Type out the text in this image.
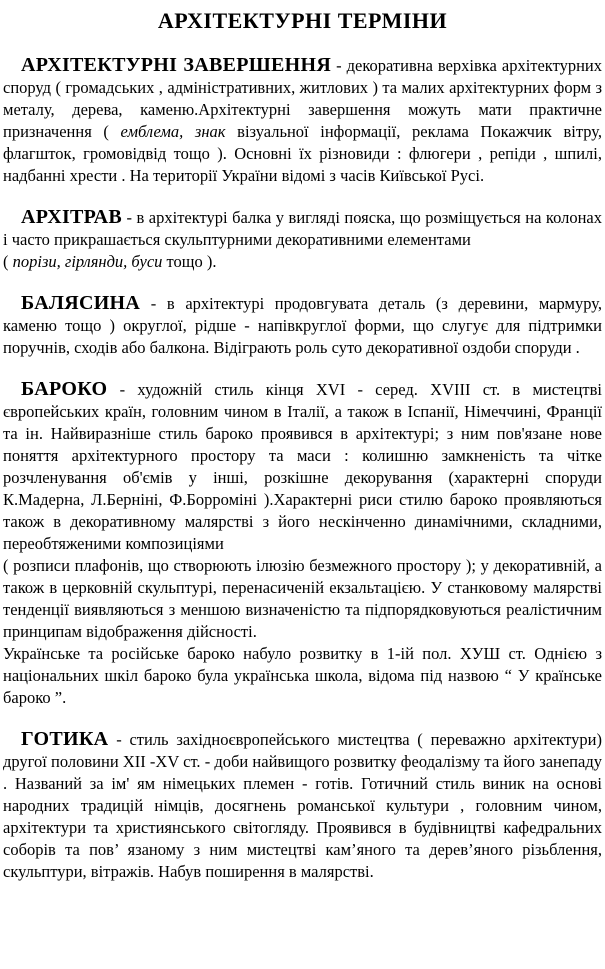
АРХІТЕКТУРНІ ТЕРМІНИ
АРХІТЕКТУРНІ ЗАВЕРШЕННЯ - декоративна верхівка архітектурних споруд ( громадських , адміністративних, житлових ) та малих архітектурних форм з металу, дерева, каменю.Архітектурні завершення можуть мати практичне призначення ( емблема, знак візуальної інформації, реклама Покажчик вітру, флагшток, громовідвід тощо ). Основні їх різновиди : флюгери , репіди , шпилі, надбанні хрести . На території України відомі з часів Київської Русі.
АРХІТРАВ - в архітектурі балка у вигляді пояска, що розміщується на колонах і часто прикрашається скульптурними декоративними елементами
( порізи, гірлянди, буси тощо ).
БАЛЯСИНА - в архітектурі продовгувата деталь (з деревини, мармуру, каменю тощо ) округлої, рідше - напівкруглої форми, що слугує для підтримки поручнів, сходів або балкона. Відіграють роль суто декоративної оздоби споруди .
БАРОКО - художній стиль кінця XVI - серед. XVIII ст. в мистецтві європейських країн, головним чином в Італії, а також в Іспанії, Німеччині, Франції та ін. Найвиразніше стиль бароко проявився в архітектурі; з ним пов'язане нове поняття архітектурного простору та маси : колишню замкненість та чітке розчленування об'ємів у інші, розкішне декорування (характерні споруди К.Мадерна, Л.Берніні, Ф.Борроміні ).Характерні риси стилю бароко проявляються також в декоративному малярстві з його нескінченно динамічними, складними, переобтяженими композиціями
( розписи плафонів, що створюють ілюзію безмежного простору ); у декоративній, а також в церковній скульптурі, перенасиченій екзальтацією. У станковому малярстві тенденції виявляються з меншою визначеністю та підпорядковуються реалістичним принципам відображення дійсності.
Українське та російське бароко набуло розвитку в 1-ій пол. ХУШ ст. Однією з національних шкіл бароко була українська школа, відома під назвою “ У країнське бароко ”.
ГОТИКА - стиль західноєвропейського мистецтва ( переважно архітектури) другої половини XII -XV ст. - доби найвищого розвитку феодалізму та його занепаду . Названий за ім' ям німецьких племен - готів. Готичний стиль виник на основі народних традицій німців, досягнень романської культури , головним чином, архітектури та християнського світогляду. Проявився в будівництві кафедральних соборів та пов’ язаному з ним мистецтві кам’яного та дерев’яного різьблення, скульптури, вітражів. Набув поширення в малярстві.
